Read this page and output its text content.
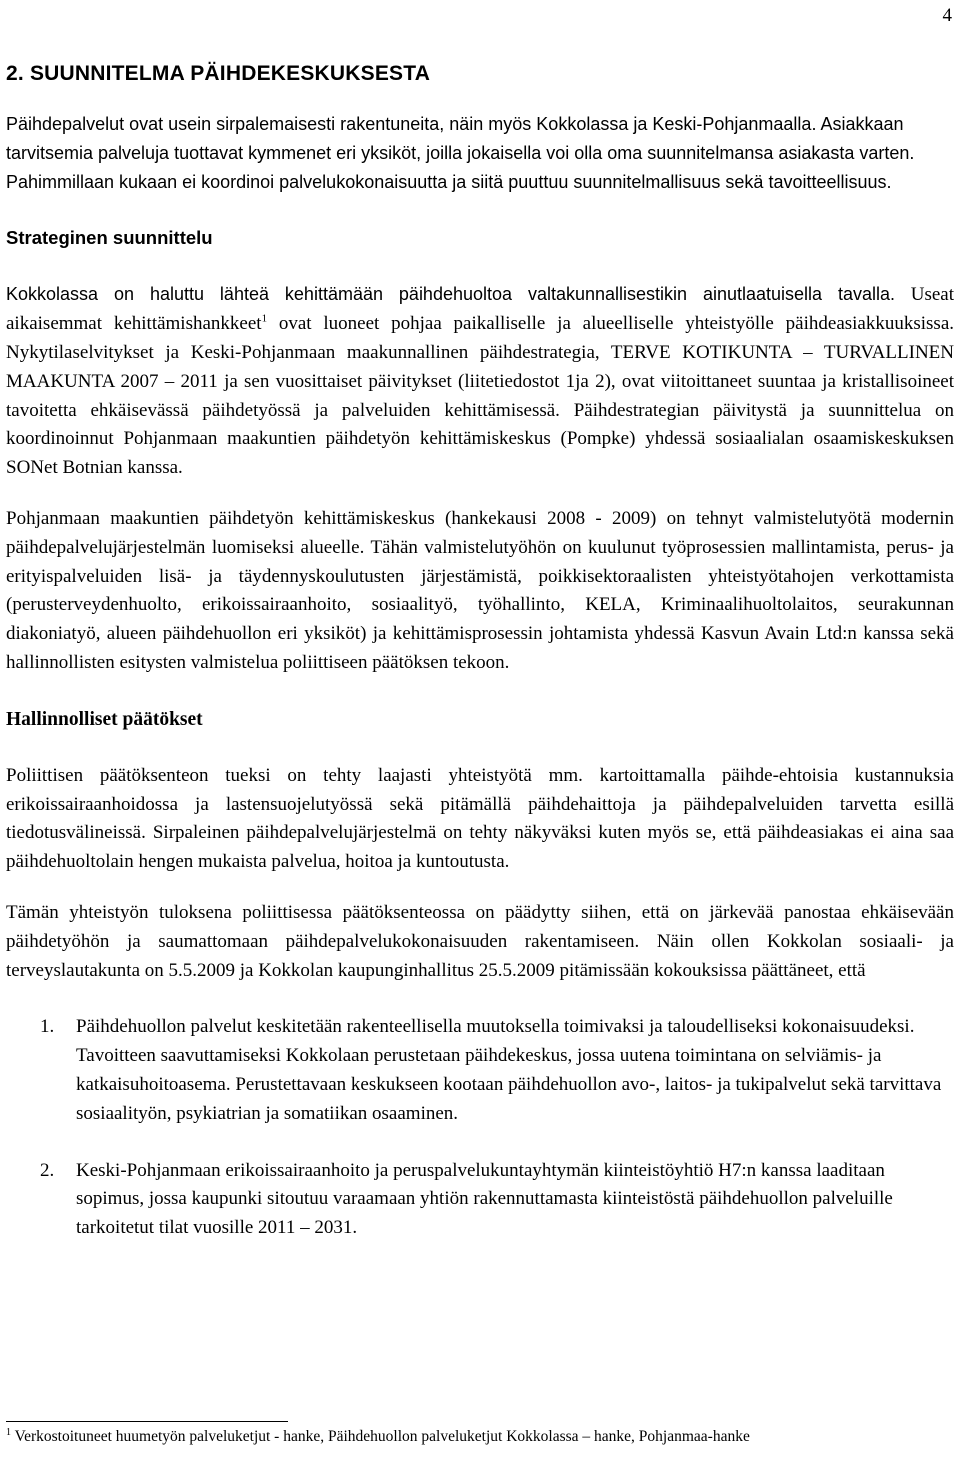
4
2. SUUNNITELMA PÄIHDEKESKUKSESTA

Päihdepalvelut ovat usein sirpalemaisesti rakentuneita, näin myös Kokkolassa ja Keski-Pohjanmaalla. Asiakkaan tarvitsemia palveluja tuottavat kymmenet eri yksiköt, joilla jokaisella voi olla oma suunnitelmansa asiakasta varten. Pahimmillaan kukaan ei koordinoi palvelukokonaisuutta ja siitä puuttuu suunnitelmallisuus sekä tavoitteellisuus.

Strateginen suunnittelu

Kokkolassa on haluttu lähteä kehittämään päihdehuoltoa valtakunnallisestikin ainutlaatuisella tavalla. Useat aikaisemmat kehittämishankkeet$^1$ ovat luoneet pohjaa paikalliselle ja alueelliselle yhteistyölle päihdeasiakkuuksissa. Nykytilaselvitykset ja Keski-Pohjanmaan maakunnallinen päihdestrategia, TERVE KOTIKUNTA – TURVALLINEN MAAKUNTA 2007 – 2011 ja sen vuosittaiset päivitykset (liitetiedostot 1ja 2), ovat viitoittaneet suuntaa ja kristallisoineet tavoitetta ehkäisevässä päihdetyössä ja palveluiden kehittämisessä. Päihdestrategian päivitystä ja suunnittelua on koordinoinnut Pohjanmaan maakuntien päihdetyön kehittämiskeskus (Pompke) yhdessä sosiaalialan osaamiskeskuksen SONet Botnian kanssa.

Pohjanmaan maakuntien päihdetyön kehittämiskeskus (hankekausi 2008 - 2009) on tehnyt valmistelutyötä modernin päihdepalvelujärjestelmän luomiseksi alueelle. Tähän valmistelutyöhön on kuulunut työprosessien mallintamista, perus- ja erityispalveluiden lisä- ja täydennyskoulutusten järjestämistä, poikkisektoraalisten yhteistyötahojen verkottamista (perusterveydenhuolto, erikoissairaanhoito, sosiaalityö, työhallinto, KELA, Kriminaalihuoltolaitos, seurakunnan diakoniatyö, alueen päihdehuollon eri yksiköt) ja kehittämisprosessin johtamista yhdessä Kasvun Avain Ltd:n kanssa sekä hallinnollisten esitysten valmistelua poliittiseen päätöksen tekoon.

Hallinnolliset päätökset

Poliittisen päätöksenteon tueksi on tehty laajasti yhteistyötä mm. kartoittamalla päihde-ehtoisia kustannuksia erikoissairaanhoidossa ja lastensuojelutyössä sekä pitämällä päihdehaittoja ja päihdepalveluiden tarvetta esillä tiedotusvälineissä. Sirpaleinen päihdepalvelujärjestelmä on tehty näkyväksi kuten myös se, että päihdeasiakas ei aina saa päihdehuoltolain hengen mukaista palvelua, hoitoa ja kuntoutusta.

Tämän yhteistyön tuloksena poliittisessa päätöksenteossa on päädytty siihen, että on järkevää panostaa ehkäisevään päihdetyöhön ja saumattomaan päihdepalvelukokonaisuuden rakentamiseen. Näin ollen Kokkolan sosiaali- ja terveyslautakunta on 5.5.2009 ja Kokkolan kaupunginhallitus 25.5.2009 pitämissään kokouksissa päättäneet, että

1. Päihdehuollon palvelut keskitetään rakenteellisella muutoksella toimivaksi ja taloudelliseksi kokonaisuudeksi. Tavoitteen saavuttamiseksi Kokkolaan perustetaan päihdekeskus, jossa uutena toimintana on selviämis- ja katkaisuhoitoasema. Perustettavaan keskukseen kootaan päihdehuollon avo-, laitos- ja tukipalvelut sekä tarvittava sosiaalityön, psykiatrian ja somatiikan osaaminen.
2. Keski-Pohjanmaan erikoissairaanhoito ja peruspalvelukuntayhtymän kiinteistöyhtiö H7:n kanssa laaditaan sopimus, jossa kaupunki sitoutuu varaamaan yhtiön rakennuttamasta kiinteistöstä päihdehuollon palveluille tarkoitetut tilat vuosille 2011 – 2031.
$^1$ Verkostoituneet huumetyön palveluketjut - hanke, Päihdehuollon palveluketjut Kokkolassa – hanke, Pohjanmaa-hanke
